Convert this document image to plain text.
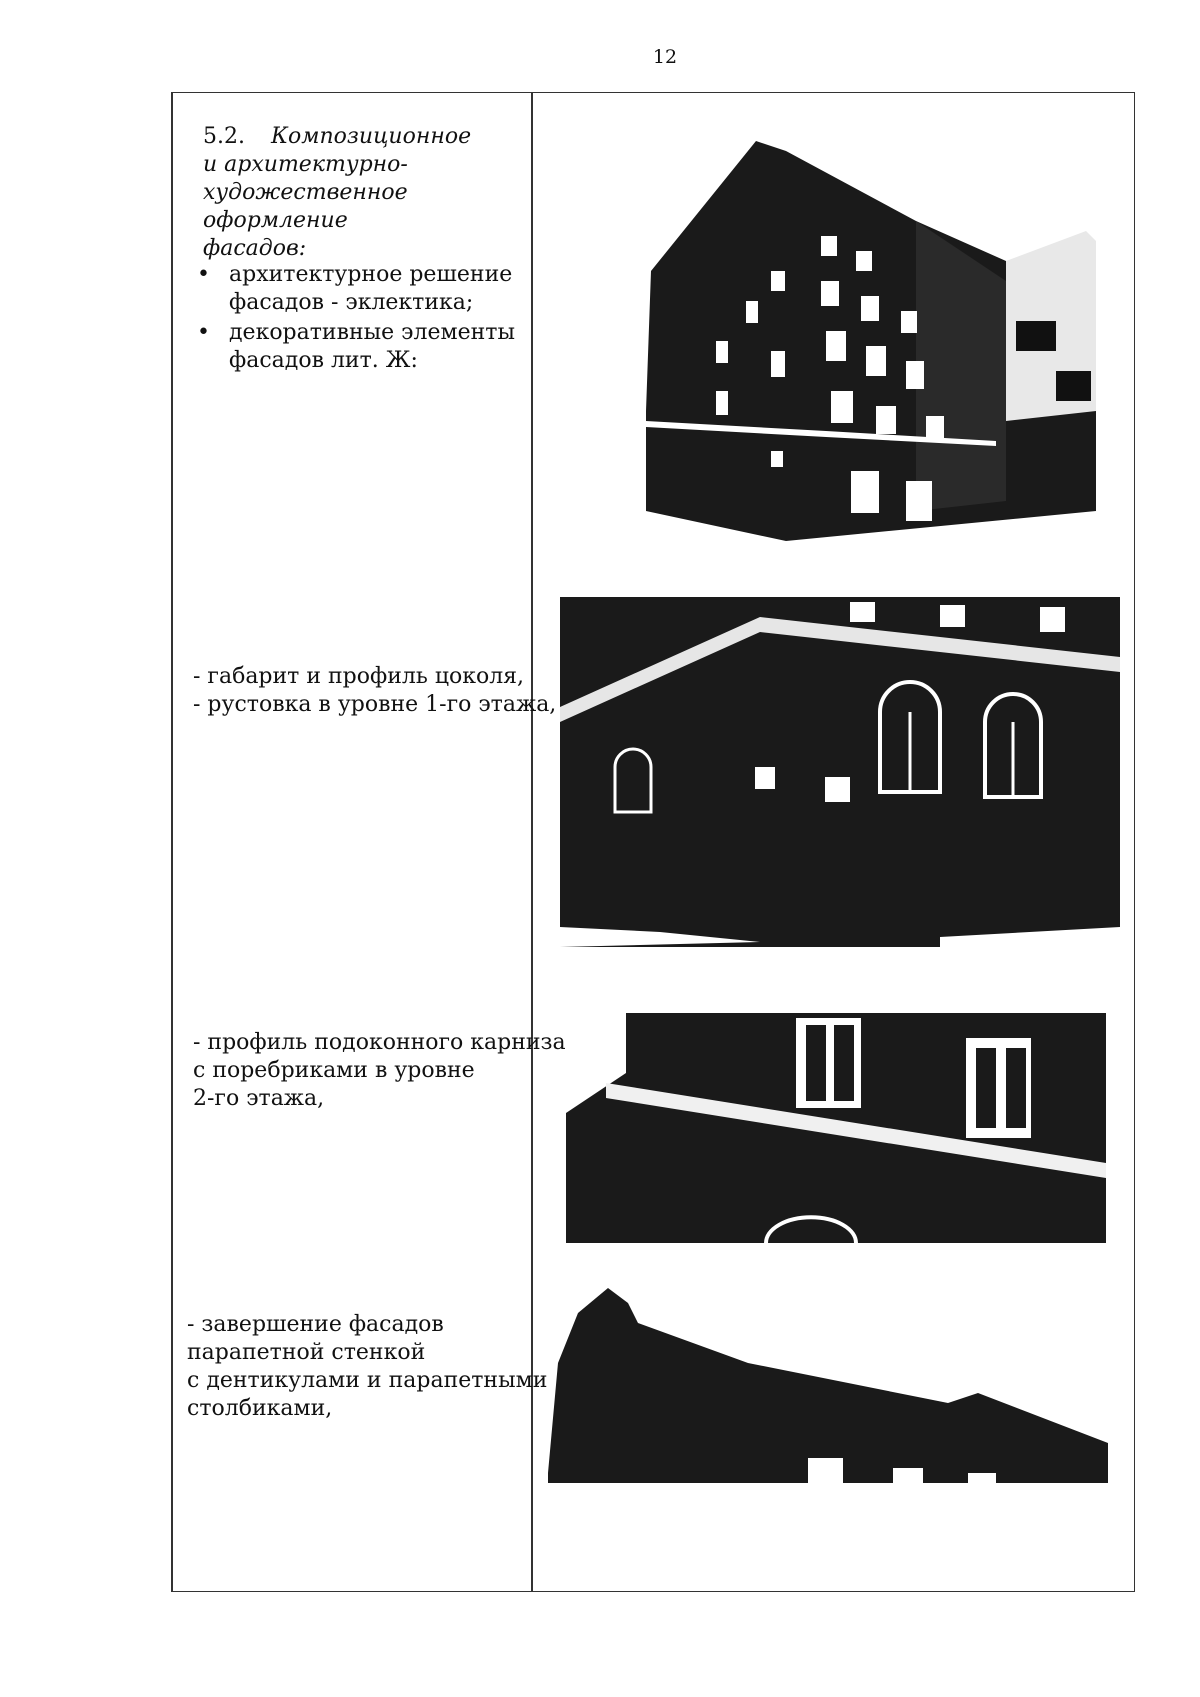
12
5.2. Композиционное
и архитектурно-
художественное оформление
фасадов:
• архитектурное решение
фасадов - эклектика;
• декоративные элементы
фасадов лит. Ж:
- габарит и профиль цоколя,
- рустовка в уровне 1-го этажа,
- профиль подоконного карниза
с поребриками в уровне
2-го этажа,
- завершение фасадов
парапетной стенкой
с дентикулами и парапетными
столбиками,
